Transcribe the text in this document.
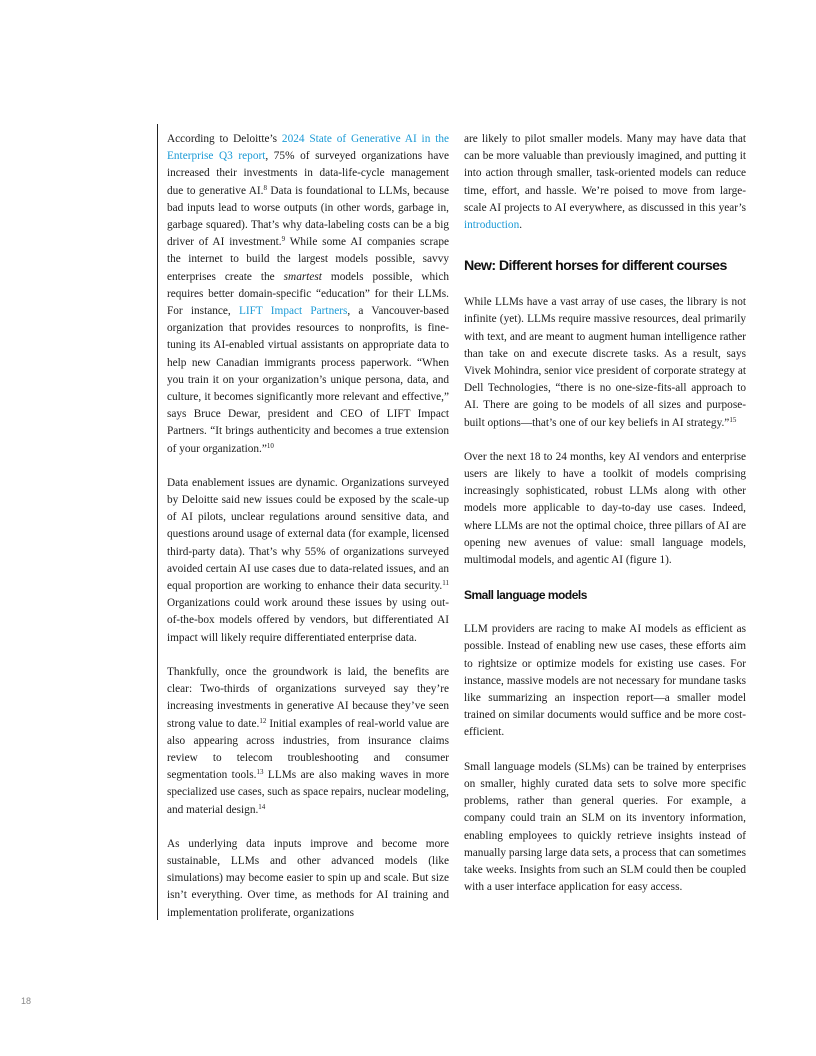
According to Deloitte’s 2024 State of Generative AI in the Enterprise Q3 report, 75% of surveyed organizations have increased their investments in data-life-cycle management due to generative AI.$^8$ Data is foundational to LLMs, because bad inputs lead to worse outputs (in other words, garbage in, garbage squared). That’s why data-labeling costs can be a big driver of AI investment.$^9$ While some AI companies scrape the internet to build the largest models possible, savvy enterprises create the smartest models possible, which requires better domain-specific “education” for their LLMs. For instance, LIFT Impact Partners, a Vancouver-based organization that provides resources to nonprofits, is fine-tuning its AI-enabled virtual assistants on appropriate data to help new Canadian immigrants process paperwork. “When you train it on your organization’s unique persona, data, and culture, it becomes significantly more relevant and effective,” says Bruce Dewar, president and CEO of LIFT Impact Partners. “It brings authenticity and becomes a true extension of your organization.”$^{10}$

Data enablement issues are dynamic. Organizations surveyed by Deloitte said new issues could be exposed by the scale-up of AI pilots, unclear regulations around sensitive data, and questions around usage of external data (for example, licensed third-party data). That’s why 55% of organizations surveyed avoided certain AI use cases due to data-related issues, and an equal proportion are working to enhance their data security.$^{11}$ Organizations could work around these issues by using out-of-the-box models offered by vendors, but differentiated AI impact will likely require differentiated enterprise data.

Thankfully, once the groundwork is laid, the benefits are clear: Two-thirds of organizations surveyed say they’re increasing investments in generative AI because they’ve seen strong value to date.$^{12}$ Initial examples of real-world value are also appearing across industries, from insurance claims review to telecom troubleshooting and consumer segmentation tools.$^{13}$ LLMs are also making waves in more specialized use cases, such as space repairs, nuclear modeling, and material design.$^{14}$

As underlying data inputs improve and become more sustainable, LLMs and other advanced models (like simulations) may become easier to spin up and scale. But size isn’t everything. Over time, as methods for AI training and implementation proliferate, organizations

are likely to pilot smaller models. Many may have data that can be more valuable than previously imagined, and putting it into action through smaller, task-oriented models can reduce time, effort, and hassle. We’re poised to move from large-scale AI projects to AI everywhere, as discussed in this year’s introduction.

New: Different horses for different courses

While LLMs have a vast array of use cases, the library is not infinite (yet). LLMs require massive resources, deal primarily with text, and are meant to augment human intelligence rather than take on and execute discrete tasks. As a result, says Vivek Mohindra, senior vice president of corporate strategy at Dell Technologies, “there is no one-size-fits-all approach to AI. There are going to be models of all sizes and purpose-built options—that’s one of our key beliefs in AI strategy.”$^{15}$

Over the next 18 to 24 months, key AI vendors and enterprise users are likely to have a toolkit of models comprising increasingly sophisticated, robust LLMs along with other models more applicable to day-to-day use cases. Indeed, where LLMs are not the optimal choice, three pillars of AI are opening new avenues of value: small language models, multimodal models, and agentic AI (figure 1).

Small language models

LLM providers are racing to make AI models as efficient as possible. Instead of enabling new use cases, these efforts aim to rightsize or optimize models for existing use cases. For instance, massive models are not necessary for mundane tasks like summarizing an inspection report—a smaller model trained on similar documents would suffice and be more cost-efficient.

Small language models (SLMs) can be trained by enterprises on smaller, highly curated data sets to solve more specific problems, rather than general queries. For example, a company could train an SLM on its inventory information, enabling employees to quickly retrieve insights instead of manually parsing large data sets, a process that can sometimes take weeks. Insights from such an SLM could then be coupled with a user interface application for easy access.

18
